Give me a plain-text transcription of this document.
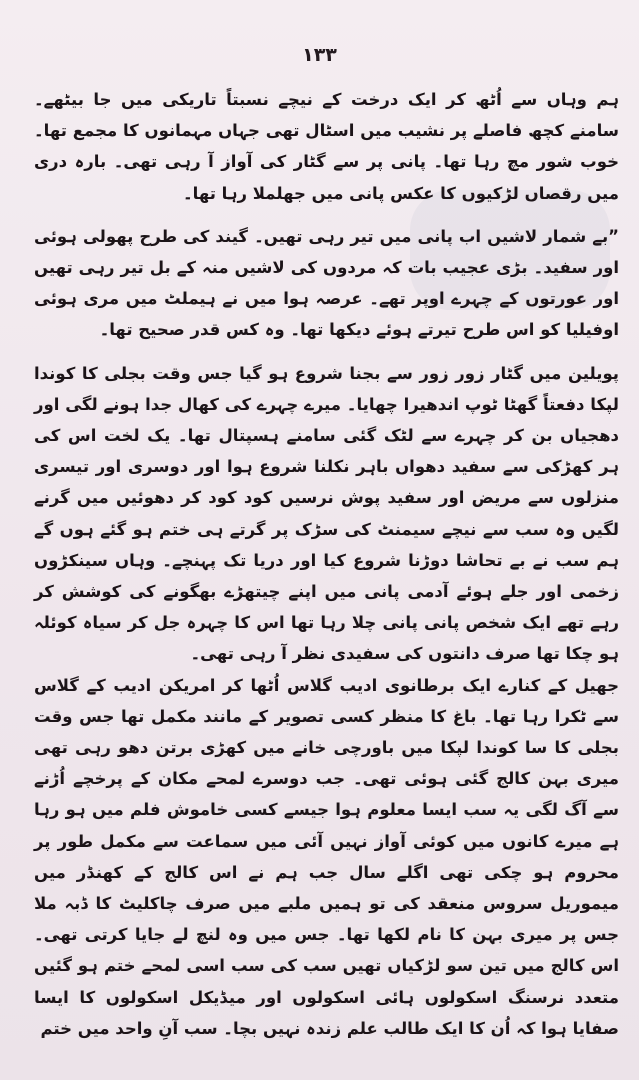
۱۳۳

ہم وہاں سے اُٹھ کر ایک درخت کے نیچے نسبتاً تاریکی میں جا بیٹھے۔ سامنے کچھ فاصلے پر نشیب میں اسٹال تھی جہاں مہمانوں کا مجمع تھا۔ خوب شور مچ رہا تھا۔ پانی پر سے گٹار کی آواز آ رہی تھی۔ بارہ دری میں رقصاں لڑکیوں کا عکس پانی میں جھلملا رہا تھا۔

”بے شمار لاشیں اب پانی میں تیر رہی تھیں۔ گیند کی طرح پھولی ہوئی اور سفید۔ بڑی عجیب بات کہ مردوں کی لاشیں منہ کے بل تیر رہی تھیں اور عورتوں کے چہرے اوپر تھے۔ عرصہ ہوا میں نے ہیملٹ میں مری ہوئی اوفیلیا کو اس طرح تیرتے ہوئے دیکھا تھا۔ وہ کس قدر صحیح تھا۔

پویلین میں گٹار زور زور سے بجنا شروع ہو گیا جس وقت بجلی کا کوندا لپکا دفعتاً گھٹا ٹوپ اندھیرا چھایا۔ میرے چہرے کی کھال جدا ہونے لگی اور دھجیاں بن کر چہرے سے لٹک گئی سامنے ہسپتال تھا۔ یک لخت اس کی ہر کھڑکی سے سفید دھواں باہر نکلنا شروع ہوا اور دوسری اور تیسری منزلوں سے مریض اور سفید پوش نرسیں کود کود کر دھوئیں میں گرنے لگیں وہ سب سے نیچے سیمنٹ کی سڑک پر گرتے ہی ختم ہو گئے ہوں گے ہم سب نے بے تحاشا دوڑنا شروع کیا اور دریا تک پہنچے۔ وہاں سینکڑوں زخمی اور جلے ہوئے آدمی پانی میں اپنے چیتھڑے بھگونے کی کوشش کر رہے تھے ایک شخص پانی پانی چلا رہا تھا اس کا چہرہ جل کر سیاہ کوئلہ ہو چکا تھا صرف دانتوں کی سفیدی نظر آ رہی تھی۔

جھیل کے کنارے ایک برطانوی ادیب گلاس اُٹھا کر امریکن ادیب کے گلاس سے ٹکرا رہا تھا۔ باغ کا منظر کسی تصویر کے مانند مکمل تھا جس وقت بجلی کا سا کوندا لپکا میں باورچی خانے میں کھڑی برتن دھو رہی تھی میری بہن کالج گئی ہوئی تھی۔ جب دوسرے لمحے مکان کے پرخچے اُڑنے سے آگ لگی یہ سب ایسا معلوم ہوا جیسے کسی خاموش فلم میں ہو رہا ہے میرے کانوں میں کوئی آواز نہیں آئی میں سماعت سے مکمل طور پر محروم ہو چکی تھی اگلے سال جب ہم نے اس کالج کے کھنڈر میں میموریل سروس منعقد کی تو ہمیں ملبے میں صرف چاکلیٹ کا ڈبہ ملا جس پر میری بہن کا نام لکھا تھا۔ جس میں وہ لنچ لے جایا کرتی تھی۔ اس کالج میں تین سو لڑکیاں تھیں سب کی سب اسی لمحے ختم ہو گئیں متعدد نرسنگ اسکولوں ہائی اسکولوں اور میڈیکل اسکولوں کا ایسا صفایا ہوا کہ اُن کا ایک طالب علم زندہ نہیں بچا۔ سب آنِ واحد میں ختم
